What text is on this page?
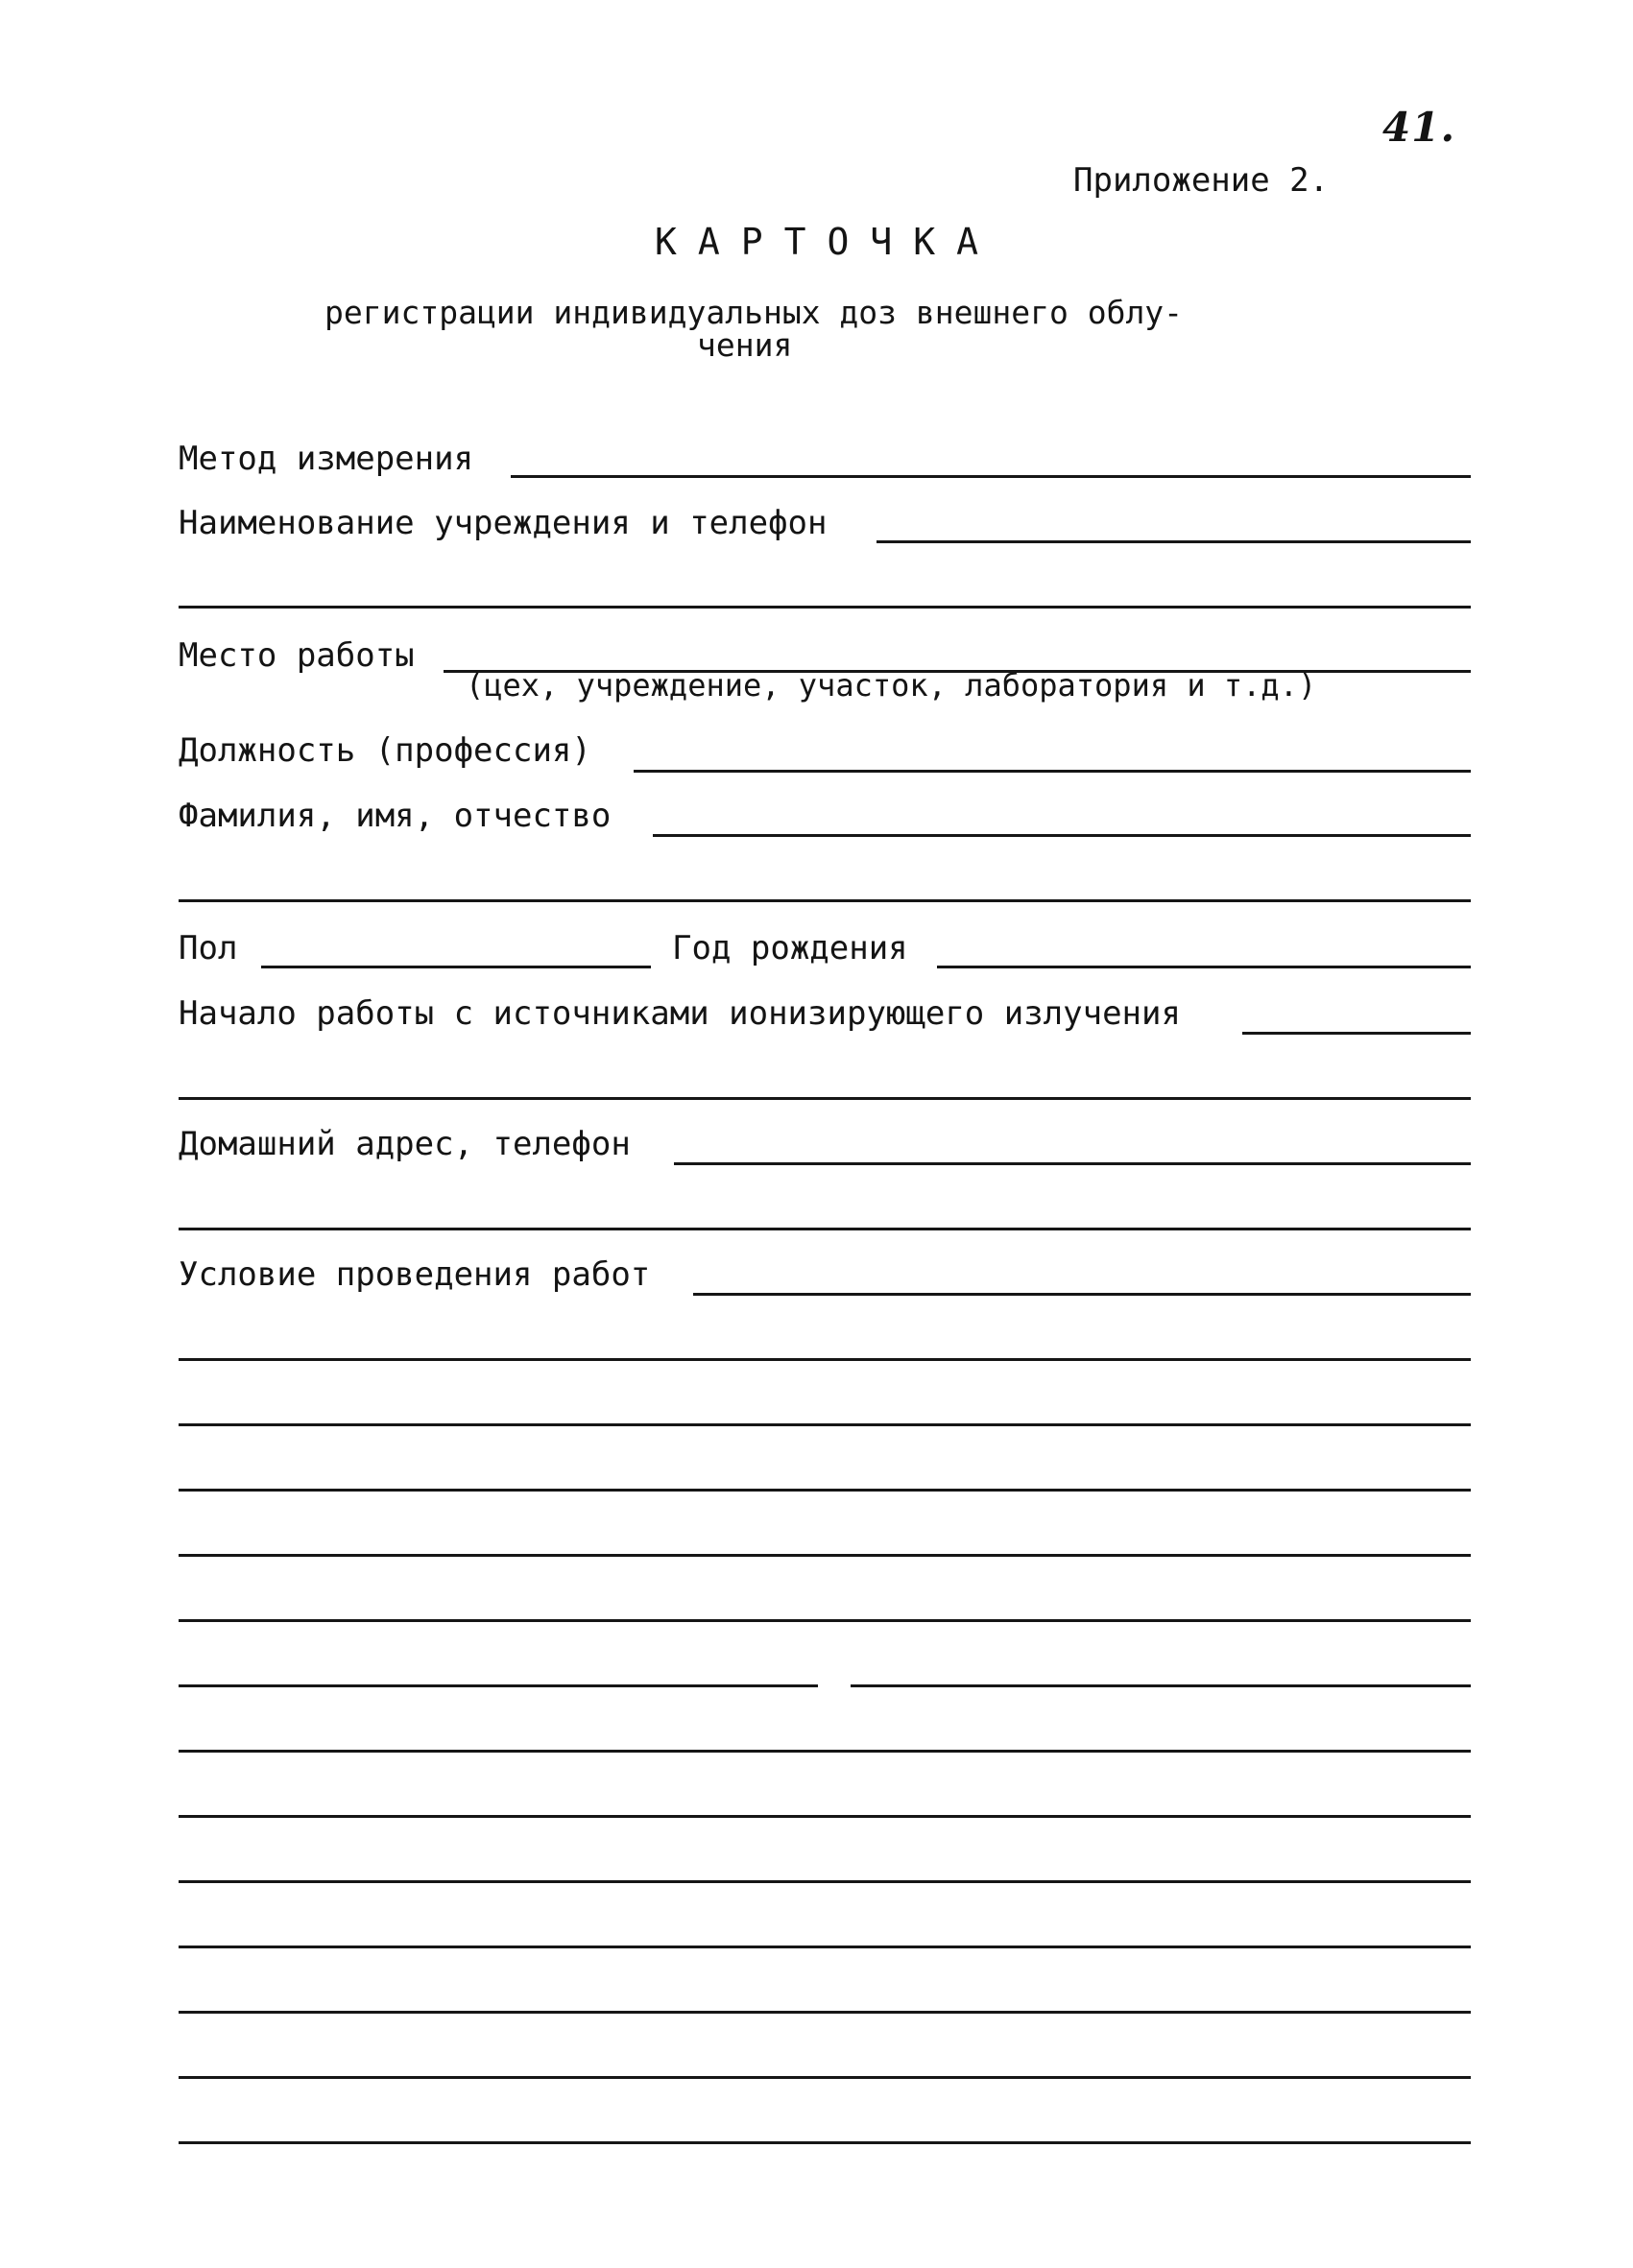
41.
Приложение 2.
КАРТОЧКА
регистрации индивидуальных доз внешнего облу-
чения
Метод измерения
Наименование учреждения и телефон
Место работы
(цех, учреждение, участок, лаборатория и т.д.)
Должность (профессия)
Фамилия, имя, отчество
Пол	Год рождения
Начало работы с источниками ионизирующего излучения
Домашний адрес, телефон
Условие проведения работ
